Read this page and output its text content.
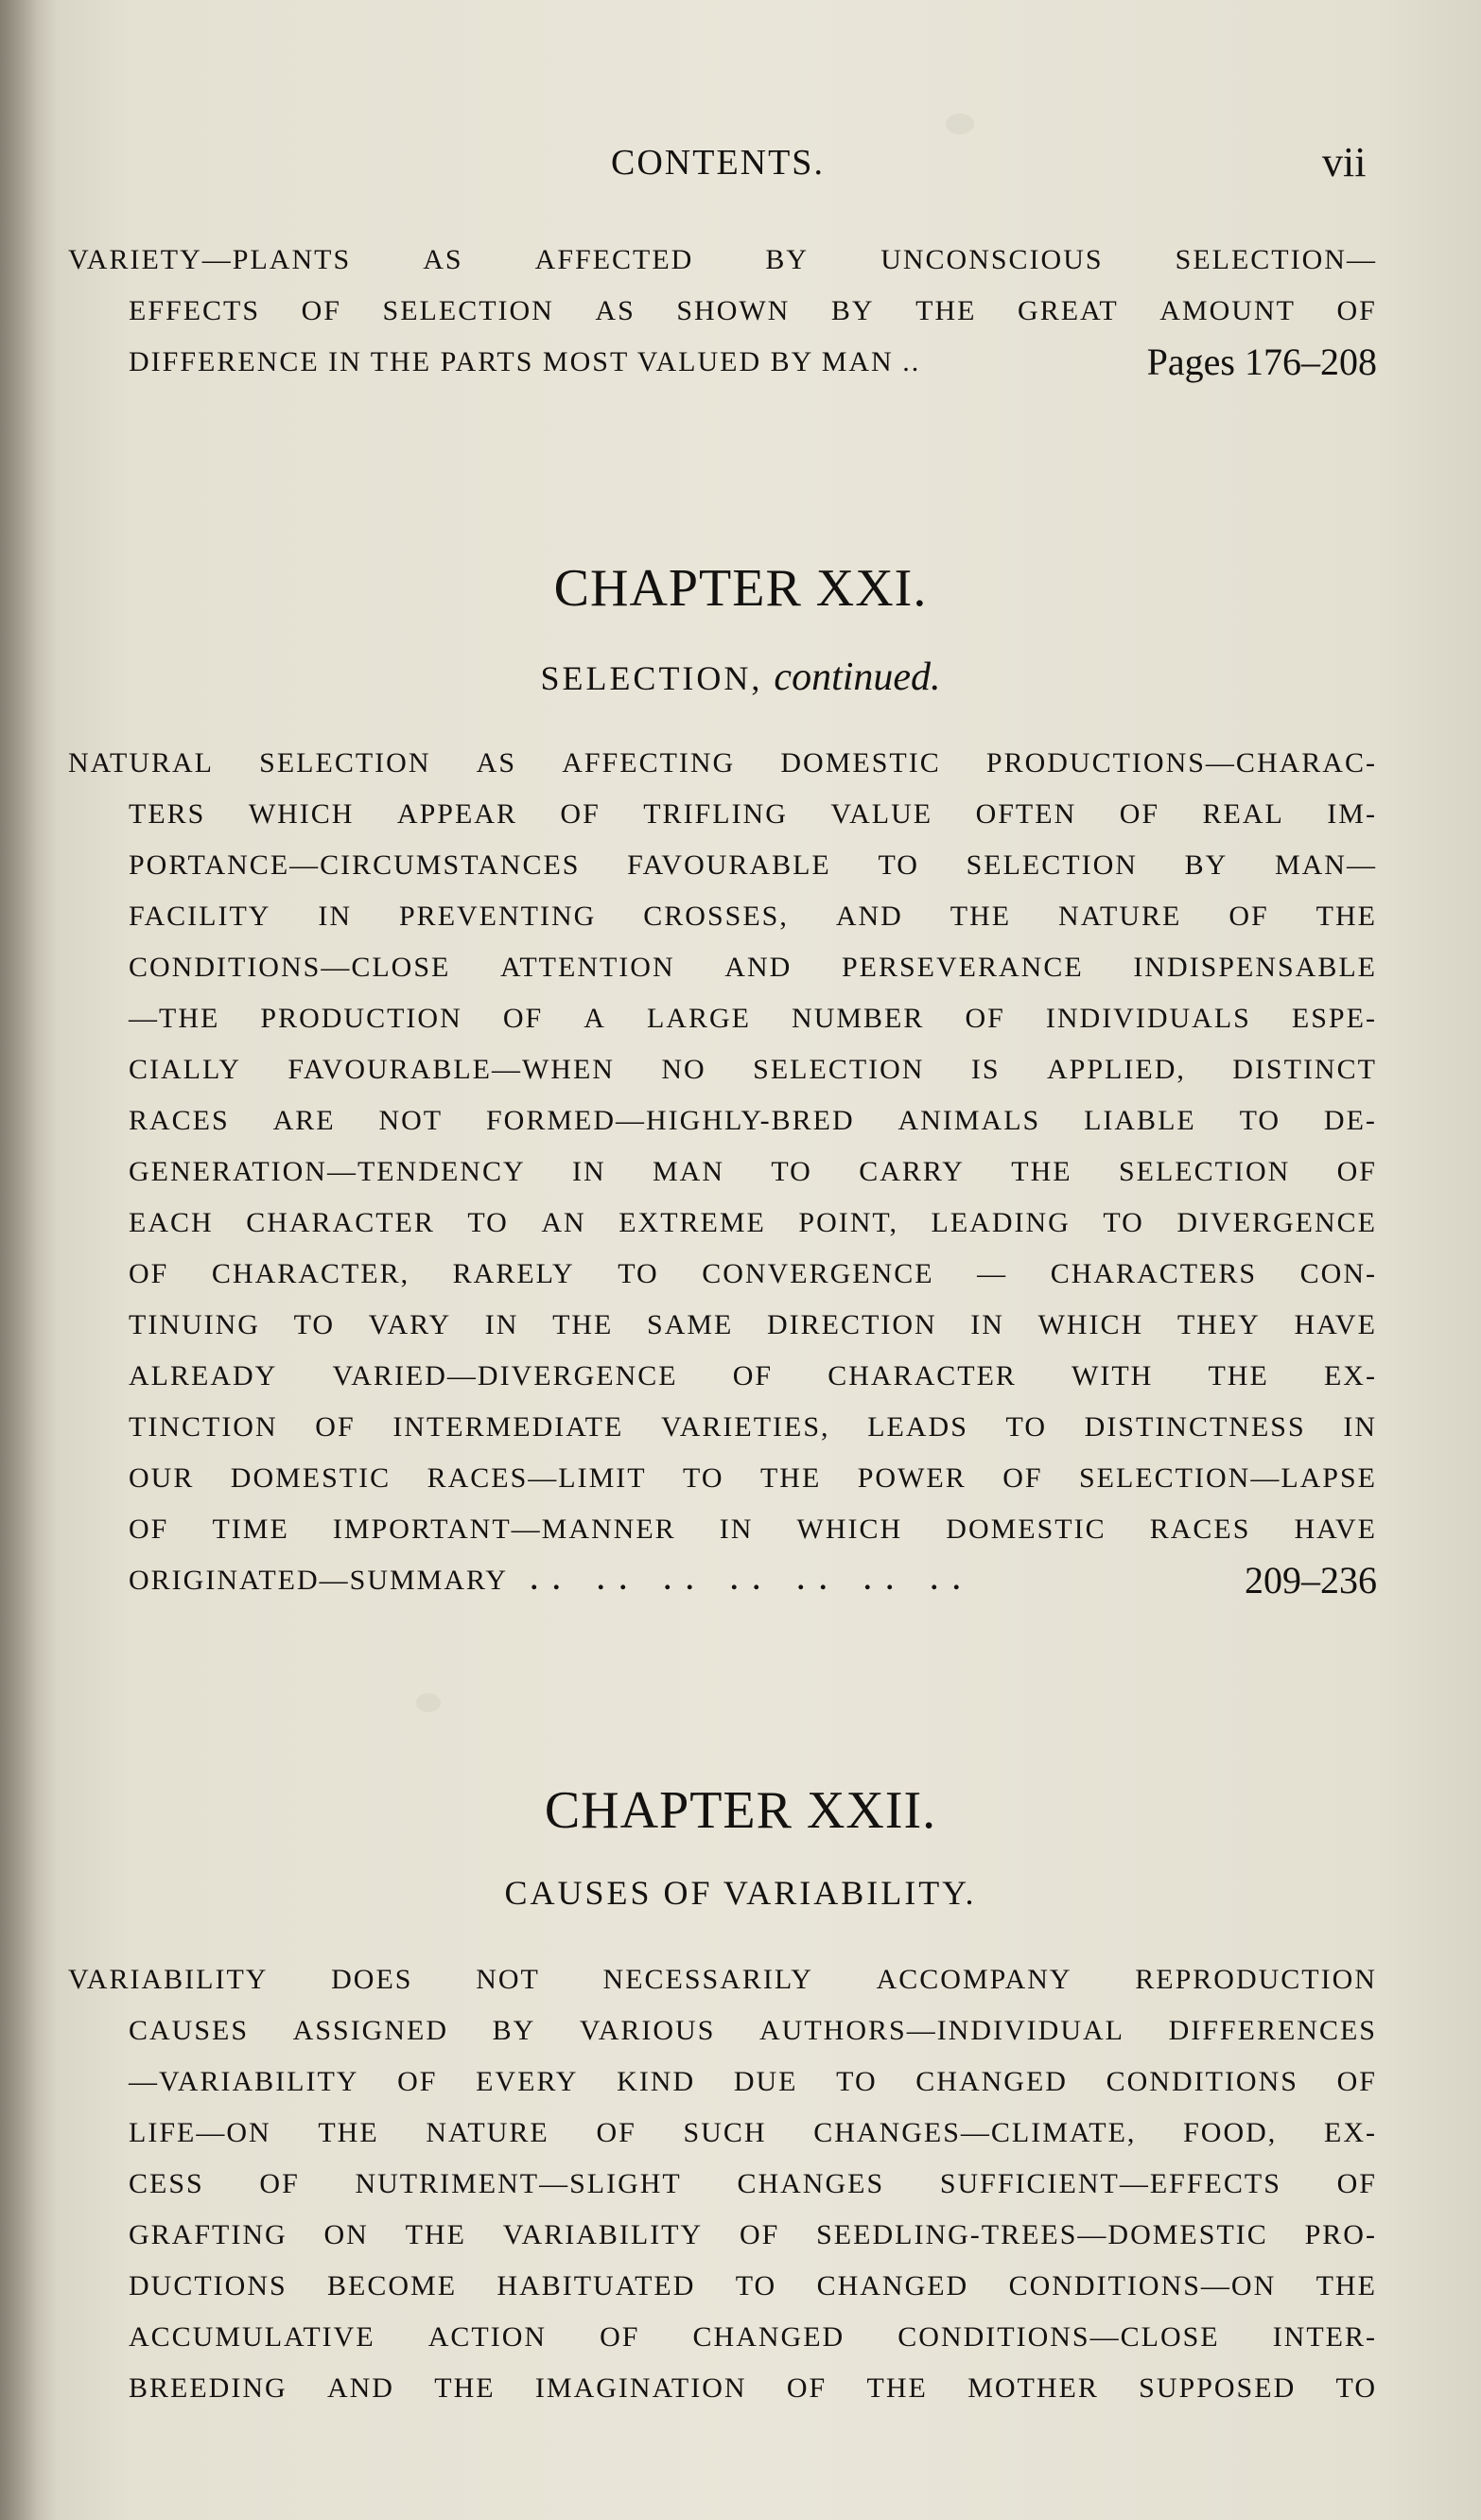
CONTENTS.	vii
VARIETY—PLANTS	AS	AFFECTED	BY	UNCONSCIOUS	SELECTION—
EFFECTS OF SELECTION AS SHOWN BY THE GREAT AMOUNT OF
DIFFERENCE IN THE PARTS MOST VALUED BY MAN ..	Pages 176–208
CHAPTER XXI.
SELECTION, continued.
NATURAL SELECTION AS AFFECTING DOMESTIC PRODUCTIONS—CHARAC-
TERS WHICH APPEAR OF TRIFLING VALUE OFTEN OF REAL IM-
PORTANCE—CIRCUMSTANCES FAVOURABLE TO SELECTION BY MAN—
FACILITY IN PREVENTING CROSSES, AND THE NATURE OF THE
CONDITIONS—CLOSE ATTENTION AND PERSEVERANCE INDISPENSABLE
—THE PRODUCTION OF A LARGE NUMBER OF INDIVIDUALS ESPE-
CIALLY FAVOURABLE—WHEN NO SELECTION IS APPLIED, DISTINCT
RACES ARE NOT FORMED—HIGHLY-BRED ANIMALS LIABLE TO DE-
GENERATION—TENDENCY IN MAN TO CARRY THE SELECTION OF
EACH CHARACTER TO AN EXTREME POINT, LEADING TO DIVERGENCE
OF CHARACTER, RARELY TO CONVERGENCE — CHARACTERS CON-
TINUING TO VARY IN THE SAME DIRECTION IN WHICH THEY HAVE
ALREADY VARIED—DIVERGENCE OF CHARACTER WITH THE EX-
TINCTION OF INTERMEDIATE VARIETIES, LEADS TO DISTINCTNESS IN
OUR DOMESTIC RACES—LIMIT TO THE POWER OF SELECTION—LAPSE
OF TIME IMPORTANT—MANNER IN WHICH DOMESTIC RACES HAVE
ORIGINATED—SUMMARY .. .. .. .. .. .. ..	209–236
CHAPTER XXII.
CAUSES OF VARIABILITY.
VARIABILITY DOES NOT NECESSARILY ACCOMPANY REPRODUCTION
CAUSES ASSIGNED BY VARIOUS AUTHORS—INDIVIDUAL DIFFERENCES
—VARIABILITY OF EVERY KIND DUE TO CHANGED CONDITIONS OF
LIFE—ON THE NATURE OF SUCH CHANGES—CLIMATE, FOOD, EX-
CESS OF NUTRIMENT—SLIGHT CHANGES SUFFICIENT—EFFECTS OF
GRAFTING ON THE VARIABILITY OF SEEDLING-TREES—DOMESTIC PRO-
DUCTIONS BECOME HABITUATED TO CHANGED CONDITIONS—ON THE
ACCUMULATIVE ACTION OF CHANGED CONDITIONS—CLOSE INTER-
BREEDING AND THE IMAGINATION OF THE MOTHER SUPPOSED TO
